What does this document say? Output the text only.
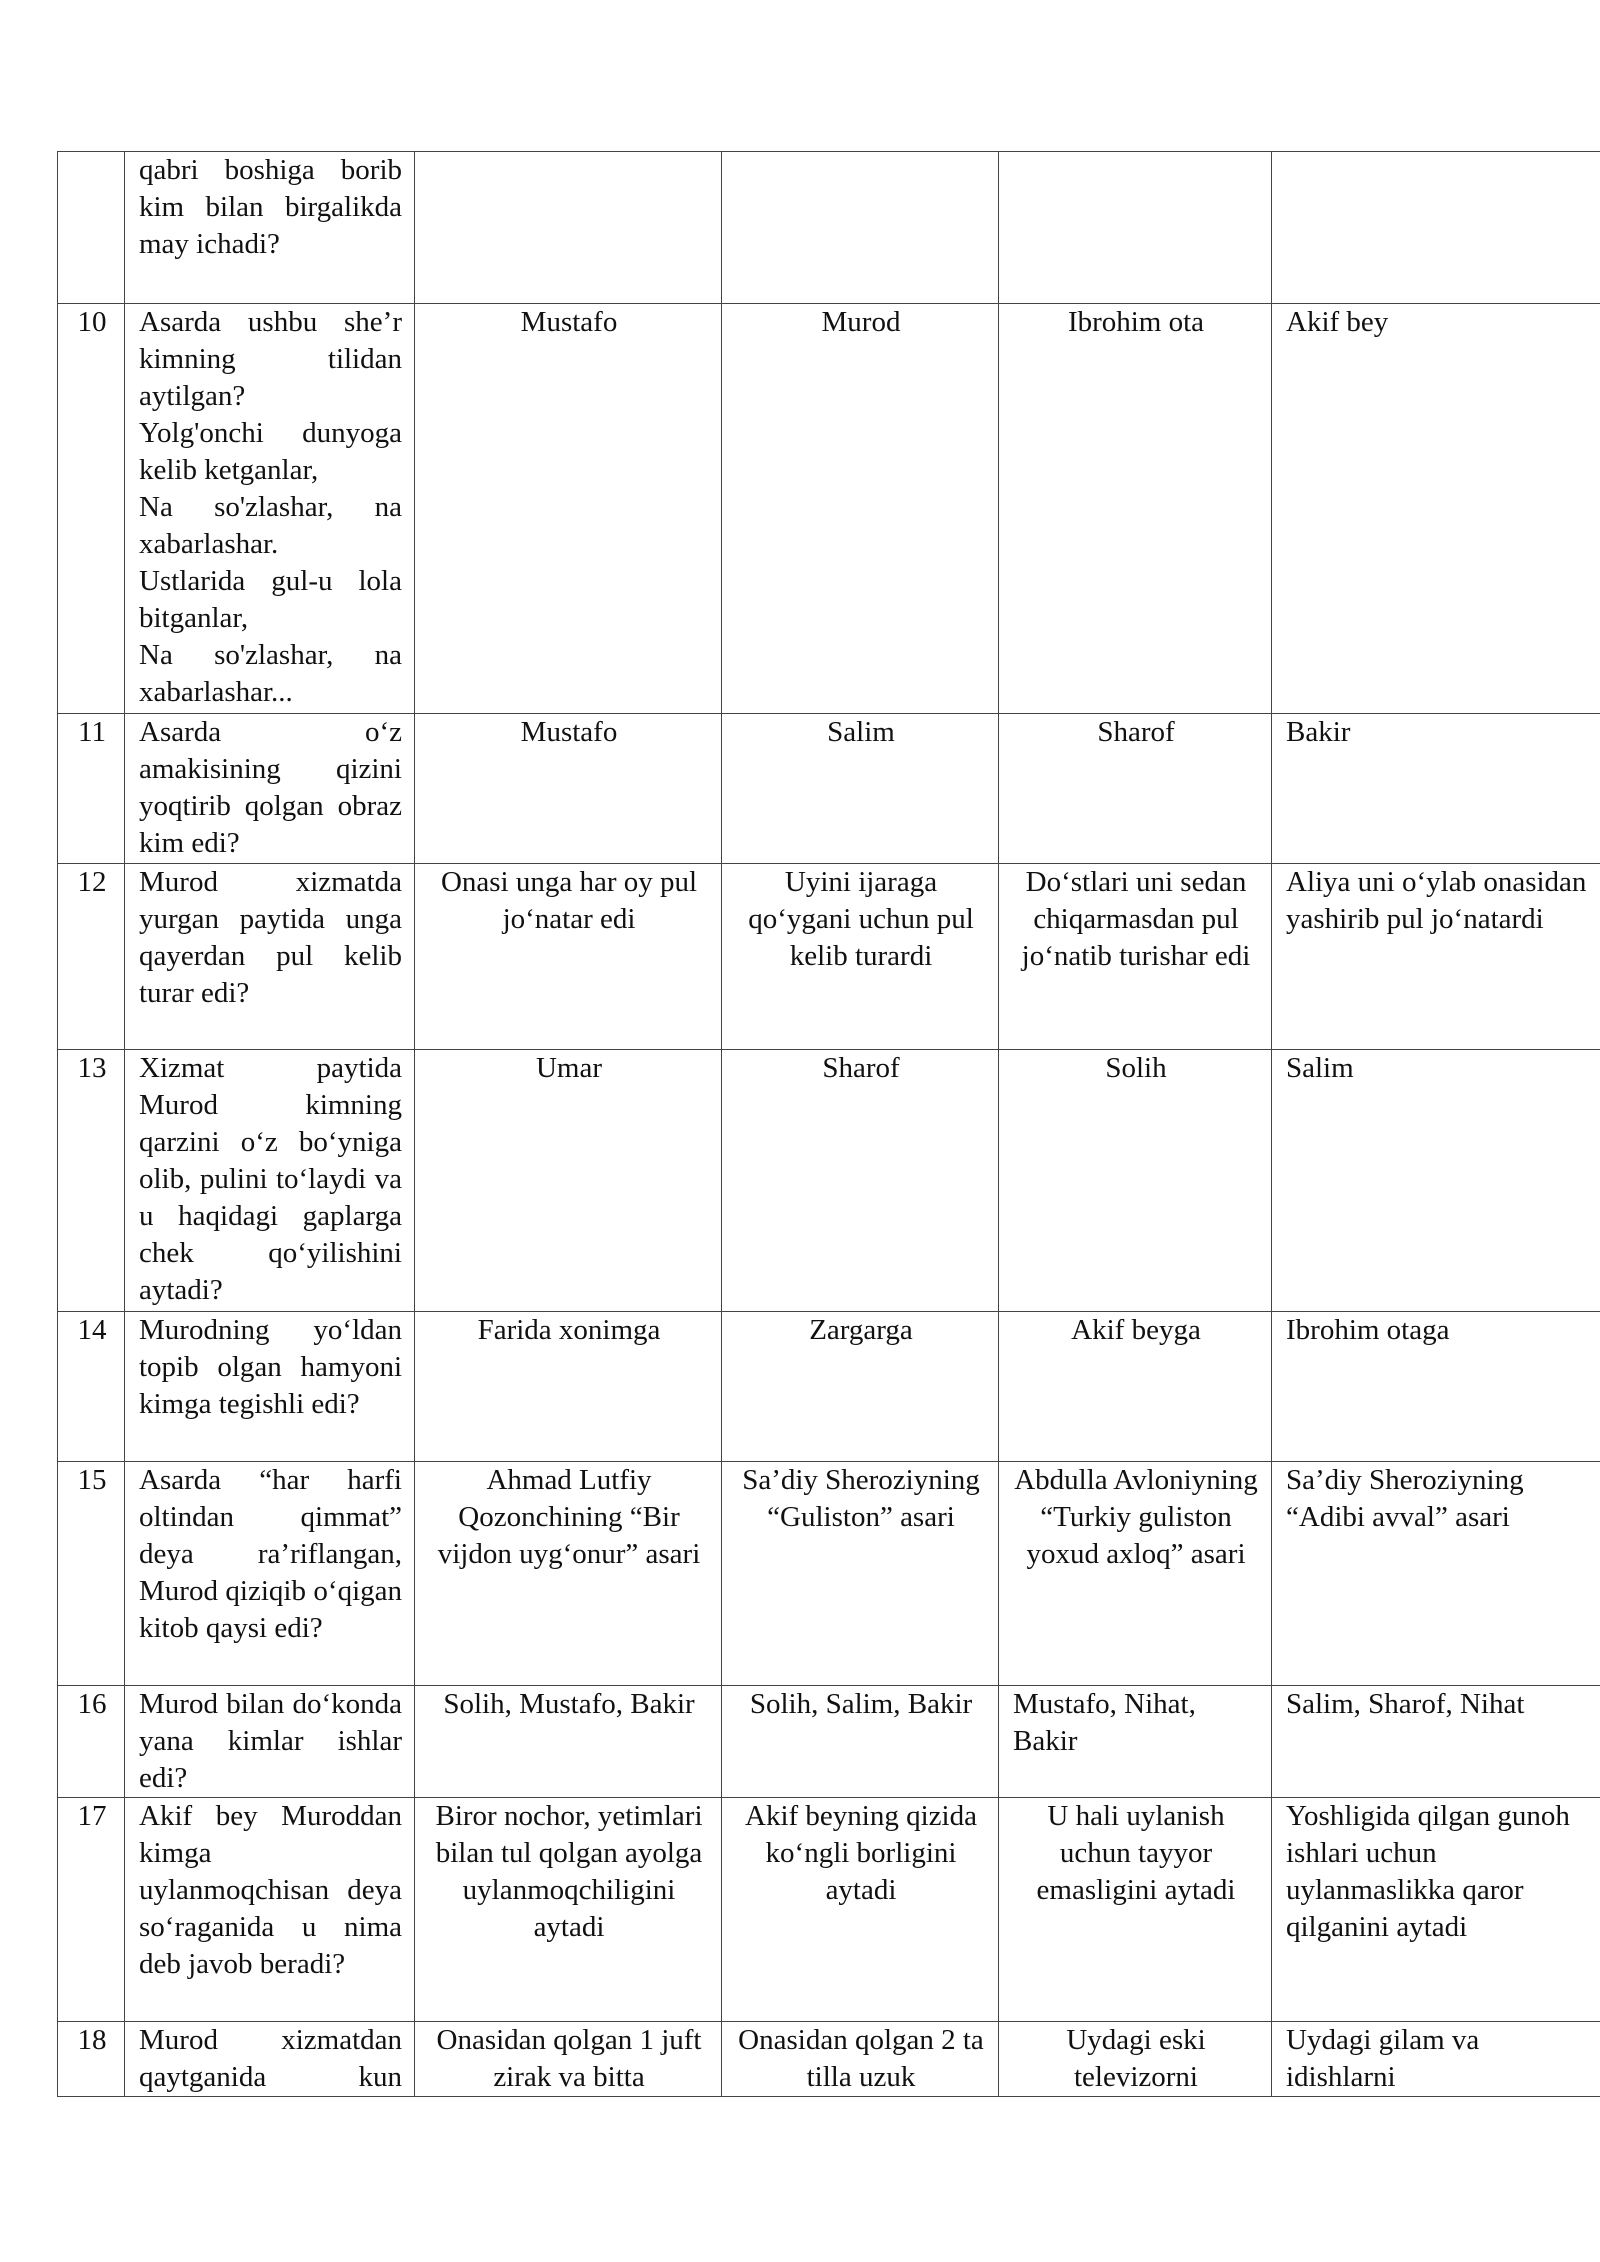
	qabri boshiga borib kim bilan birgalikda may ichadi?				
10	Asarda ushbu she’r kimning tilidan aytilgan?
Yolg'onchi dunyoga kelib ketganlar,
Na so'zlashar, na xabarlashar.
Ustlarida gul-u lola bitganlar,
Na so'zlashar, na xabarlashar...	Mustafo	Murod	Ibrohim ota	Akif bey
11	Asarda o‘z amakisining qizini yoqtirib qolgan obraz kim edi?	Mustafo	Salim	Sharof	Bakir
12	Murod xizmatda yurgan paytida unga qayerdan pul kelib turar edi?	Onasi unga har oy pul jo‘natar edi	Uyini ijaraga qo‘ygani uchun pul kelib turardi	Do‘stlari uni sedan chiqarmasdan pul jo‘natib turishar edi	Aliya uni o‘ylab onasidan yashirib pul jo‘natardi
13	Xizmat paytida Murod kimning qarzini o‘z bo‘yniga olib, pulini to‘laydi va u haqidagi gaplarga chek qo‘yilishini aytadi?	Umar	Sharof	Solih	Salim
14	Murodning yo‘ldan topib olgan hamyoni kimga tegishli edi?	Farida xonimga	Zargarga	Akif beyga	Ibrohim otaga
15	Asarda “har harfi oltindan qimmat” deya ra’riflangan, Murod qiziqib o‘qigan kitob qaysi edi?	Ahmad Lutfiy Qozonchining “Bir vijdon uyg‘onur” asari	Sa’diy Sheroziyning “Guliston” asari	Abdulla Avloniyning “Turkiy guliston yoxud axloq” asari	Sa’diy Sheroziyning “Adibi avval” asari
16	Murod bilan do‘konda yana kimlar ishlar edi?	Solih, Mustafo, Bakir	Solih, Salim, Bakir	Mustafo, Nihat, Bakir	Salim, Sharof, Nihat
17	Akif bey Muroddan kimga uylanmoqchisan deya so‘raganida u nima deb javob beradi?	Biror nochor, yetimlari bilan tul qolgan ayolga uylanmoqchiligini aytadi	Akif beyning qizida ko‘ngli borligini aytadi	U hali uylanish uchun tayyor emasligini aytadi	Yoshligida qilgan gunoh ishlari uchun uylanmaslikka qaror qilganini aytadi
18	Murod xizmatdan qaytganida kun	Onasidan qolgan 1 juft zirak va bitta	Onasidan qolgan 2 ta tilla uzuk	Uydagi eski televizorni	Uydagi gilam va idishlarni
